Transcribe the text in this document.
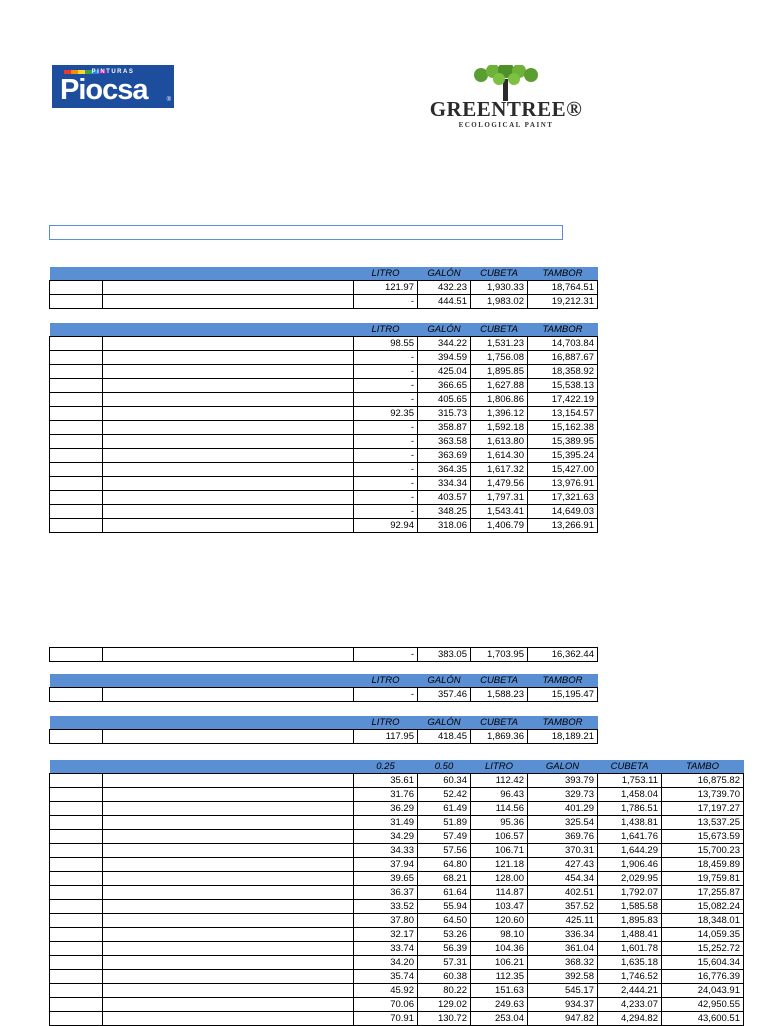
PINTURAS
Piocsa	®	GREENTREE®
ECOLOGICAL PAINT
		LITRO	GALÓN	CUBETA	TAMBOR
		121.97	432.23	1,930.33	18,764.51
		-	444.51	1,983.02	19,212.31
		LITRO	GALÓN	CUBETA	TAMBOR
		98.55	344.22	1,531.23	14,703.84
		-	394.59	1,756.08	16,887.67
		-	425.04	1,895.85	18,358.92
		-	366.65	1,627.88	15,538.13
		-	405.65	1,806.86	17,422.19
		92.35	315.73	1,396.12	13,154.57
		-	358.87	1,592.18	15,162.38
		-	363.58	1,613.80	15,389.95
		-	363.69	1,614.30	15,395.24
		-	364.35	1,617.32	15,427.00
		-	334.34	1,479.56	13,976.91
		-	403.57	1,797.31	17,321.63
		-	348.25	1,543.41	14,649.03
		92.94	318.06	1,406.79	13,266.91
		-	383.05	1,703.95	16,362.44
		LITRO	GALÓN	CUBETA	TAMBOR
		-	357.46	1,588.23	15,195.47
		LITRO	GALÓN	CUBETA	TAMBOR
		117.95	418.45	1,869.36	18,189.21
		0.25	0.50	LITRO	GALON	CUBETA	TAMBO
		35.61	60.34	112.42	393.79	1,753.11	16,875.82
		31.76	52.42	96.43	329.73	1,458.04	13,739.70
		36.29	61.49	114.56	401.29	1,786.51	17,197.27
		31.49	51.89	95.36	325.54	1,438.81	13,537.25
		34.29	57.49	106.57	369.76	1,641.76	15,673.59
		34.33	57.56	106.71	370.31	1,644.29	15,700.23
		37.94	64.80	121.18	427.43	1,906.46	18,459.89
		39.65	68.21	128.00	454.34	2,029.95	19,759.81
		36.37	61.64	114.87	402.51	1,792.07	17,255.87
		33.52	55.94	103.47	357.52	1,585.58	15,082.24
		37.80	64.50	120.60	425.11	1,895.83	18,348.01
		32.17	53.26	98.10	336.34	1,488.41	14,059.35
		33.74	56.39	104.36	361.04	1,601.78	15,252.72
		34.20	57.31	106.21	368.32	1,635.18	15,604.34
		35.74	60.38	112.35	392.58	1,746.52	16,776.39
		45.92	80.22	151.63	545.17	2,444.21	24,043.91
		70.06	129.02	249.63	934.37	4,233.07	42,950.55
		70.91	130.72	253.04	947.82	4,294.82	43,600.51
